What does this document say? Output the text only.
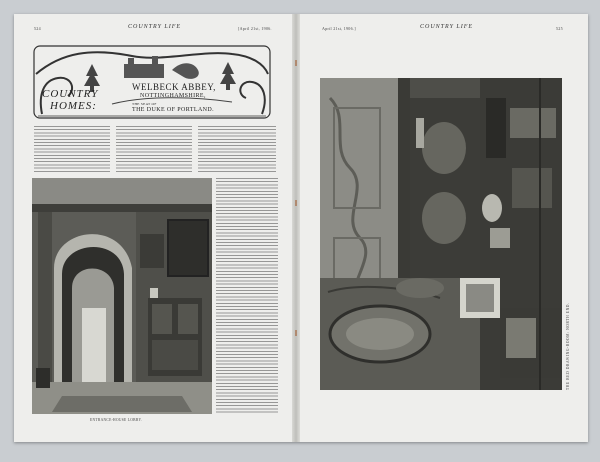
524	COUNTRY LIFE	[April 21st, 1906.
COUNTRY
HOMES:
WELBECK ABBEY,
NOTTINGHAMSHIRE,
THE SEAT OF
THE DUKE OF PORTLAND.
ENTRANCE-HOUSE LOBBY.
April 21st, 1906.]	COUNTRY LIFE	525
THE RED DRAWING-ROOM: NORTH END.
